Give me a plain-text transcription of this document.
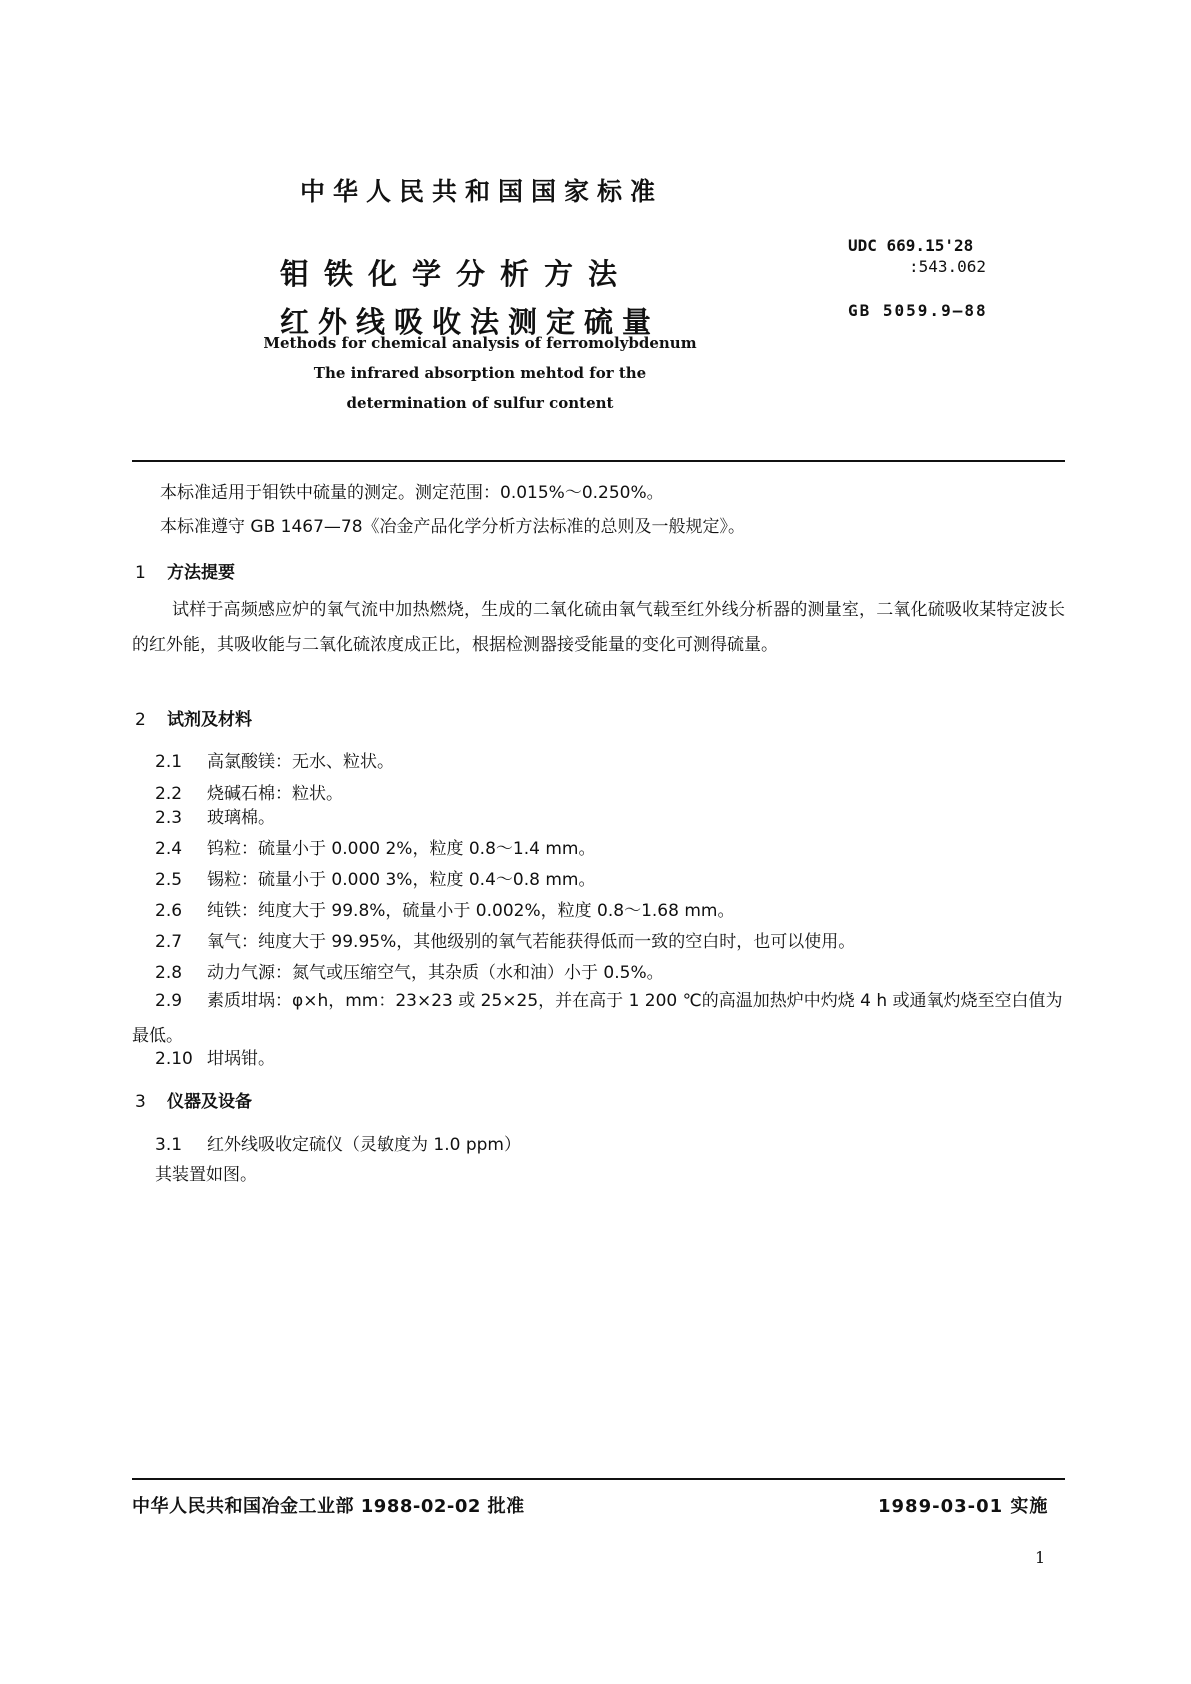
中华人民共和国国家标准
钼铁化学分析方法
红外线吸收法测定硫量
UDC 669.15'28
:543.062
GB 5059.9—88
Methods for chemical analysis of ferromolybdenum
The infrared absorption mehtod for the
determination of sulfur content
本标准适用于钼铁中硫量的测定。测定范围：0.015%～0.250%。
本标准遵守 GB 1467—78《冶金产品化学分析方法标准的总则及一般规定》。
1 方法提要
试样于高频感应炉的氧气流中加热燃烧，生成的二氧化硫由氧气载至红外线分析器的测量室，二氧化硫吸收某特定波长的红外能，其吸收能与二氧化硫浓度成正比，根据检测器接受能量的变化可测得硫量。
2 试剂及材料
2.1 高氯酸镁：无水、粒状。
2.2 烧碱石棉：粒状。
2.3 玻璃棉。
2.4 钨粒：硫量小于 0.000 2%，粒度 0.8～1.4 mm。
2.5 锡粒：硫量小于 0.000 3%，粒度 0.4～0.8 mm。
2.6 纯铁：纯度大于 99.8%，硫量小于 0.002%，粒度 0.8～1.68 mm。
2.7 氧气：纯度大于 99.95%，其他级别的氧气若能获得低而一致的空白时，也可以使用。
2.8 动力气源：氮气或压缩空气，其杂质（水和油）小于 0.5%。
2.9 素质坩埚：φ×h，mm：23×23 或 25×25，并在高于 1 200 ℃的高温加热炉中灼烧 4 h 或通氧灼烧至空白值为最低。
2.10 坩埚钳。
3 仪器及设备
3.1 红外线吸收定硫仪（灵敏度为 1.0 ppm）
其装置如图。
中华人民共和国冶金工业部 1988-02-02 批准	1989-03-01 实施
1
